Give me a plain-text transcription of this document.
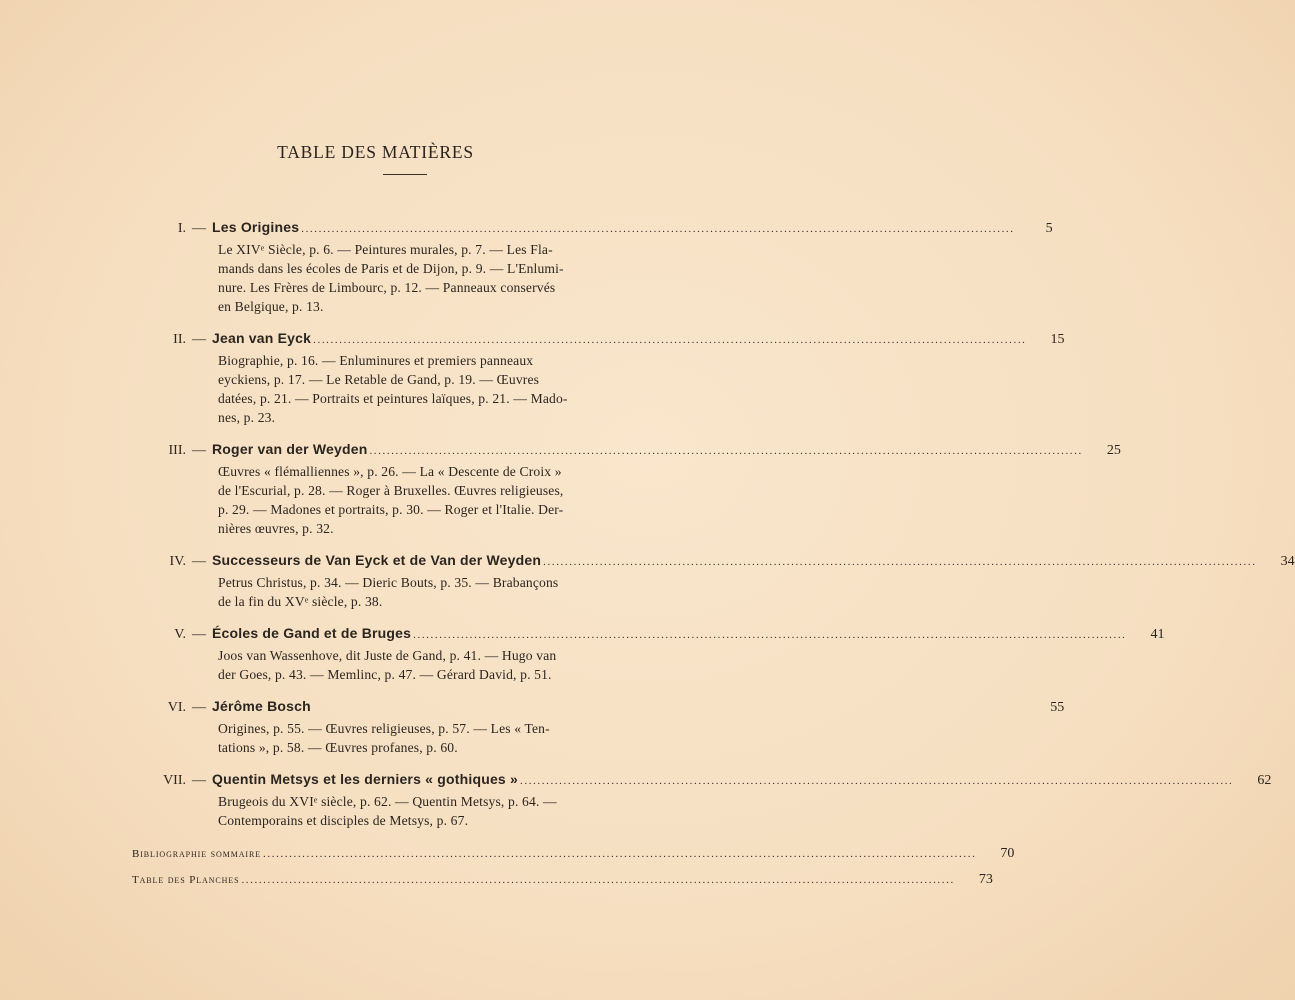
TABLE DES MATIÈRES
I. — Les Origines ....................................................................................................................................................................	5
Le XIVᵉ Siècle, p. 6. — Peintures murales, p. 7. — Les Fla-
mands dans les écoles de Paris et de Dijon, p. 9. — L'Enlumi-
nure. Les Frères de Limbourc, p. 12. — Panneaux conservés
en Belgique, p. 13.
II. — Jean van Eyck ....................................................................................................................................................................	15
Biographie, p. 16. — Enluminures et premiers panneaux
eyckiens, p. 17. — Le Retable de Gand, p. 19. — Œuvres
datées, p. 21. — Portraits et peintures laïques, p. 21. — Mado-
nes, p. 23.
III. — Roger van der Weyden ....................................................................................................................................................................	25
Œuvres « flémalliennes », p. 26. — La « Descente de Croix »
de l'Escurial, p. 28. — Roger à Bruxelles. Œuvres religieuses,
p. 29. — Madones et portraits, p. 30. — Roger et l'Italie. Der-
nières œuvres, p. 32.
IV. — Successeurs de Van Eyck et de Van der Weyden ....................................................................................................................................................................	34
Petrus Christus, p. 34. — Dieric Bouts, p. 35. — Brabançons
de la fin du XVᵉ siècle, p. 38.
V. — Écoles de Gand et de Bruges ....................................................................................................................................................................	41
Joos van Wassenhove, dit Juste de Gand, p. 41. — Hugo van
der Goes, p. 43. — Memlinc, p. 47. — Gérard David, p. 51.
VI. — Jérôme Bosch	55
Origines, p. 55. — Œuvres religieuses, p. 57. — Les « Ten-
tations », p. 58. — Œuvres profanes, p. 60.
VII. — Quentin Metsys et les derniers « gothiques » ....................................................................................................................................................................	62
Brugeois du XVIᵉ siècle, p. 62. — Quentin Metsys, p. 64. —
Contemporains et disciples de Metsys, p. 67.
Bibliographie sommaire ....................................................................................................................................................................	70
Table des Planches ....................................................................................................................................................................	73
